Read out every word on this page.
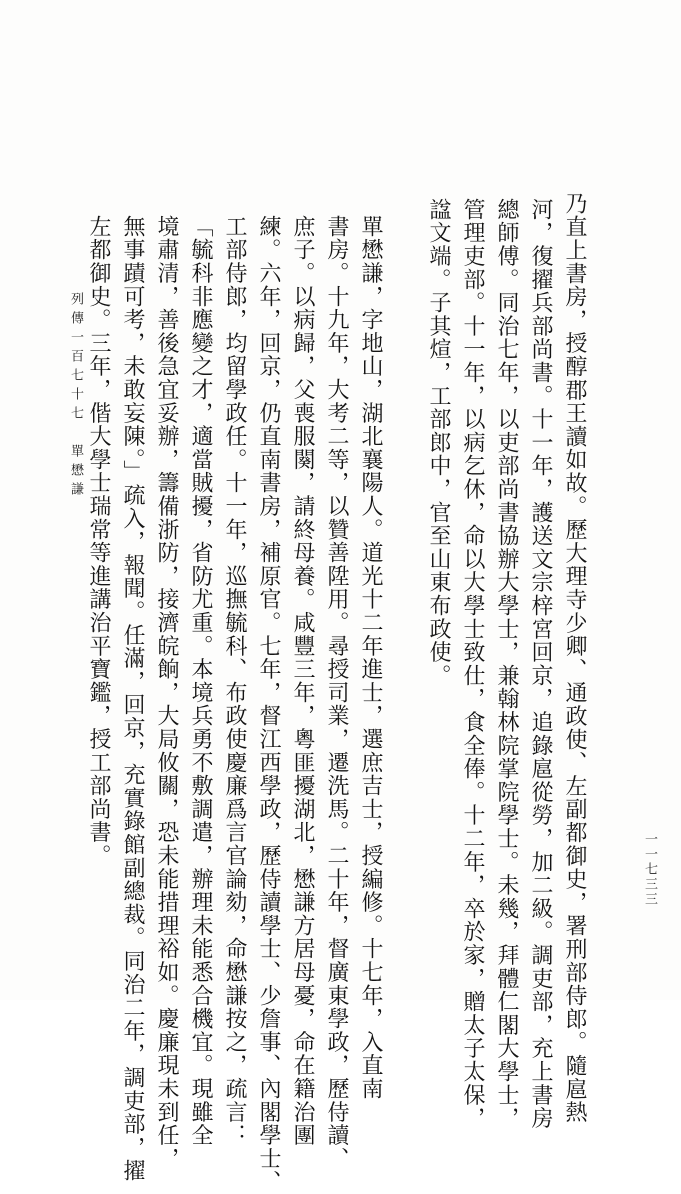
列傳一百七十七　單懋謙	乃直上書房，授醇郡王讀如故。歷大理寺少卿、通政使、左副都御史，署刑部侍郎。隨扈熱
河，復擢兵部尚書。十一年，護送文宗梓宮回京，追錄扈從勞，加二級。調吏部，充上書房
總師傅。同治七年，以吏部尚書協辦大學士，兼翰林院掌院學士。未幾，拜體仁閣大學士，
管理吏部。十一年，以病乞休，命以大學士致仕，食全俸。十二年，卒於家，贈太子太保，
諡文端。子其煊，工部郎中，官至山東布政使。
單懋謙，字地山，湖北襄陽人。道光十二年進士，選庶吉士，授編修。十七年，入直南
書房。十九年，大考二等，以贊善陞用。尋授司業，遷洗馬。二十年，督廣東學政，歷侍讀、
庶子。以病歸，父喪服闋，請終母養。咸豐三年，粵匪擾湖北，懋謙方居母憂，命在籍治團
練。六年，回京，仍直南書房，補原官。七年，督江西學政，歷侍讀學士、少詹事、內閣學士、
工部侍郎，均留學政任。十一年，巡撫毓科、布政使慶廉爲言官論劾，命懋謙按之，疏言：
「毓科非應變之才，適當賊擾，省防尤重。本境兵勇不敷調遣，辦理未能悉合機宜。現雖全
境肅清，善後急宜妥辦，籌備浙防，接濟皖餉，大局攸關，恐未能措理裕如。慶廉現未到任，
無事蹟可考，未敢妄陳。」疏入，報聞。任滿，回京，充實錄館副總裁。同治二年，調吏部，擢
左都御史。三年，偕大學士瑞常等進講治平寶鑑，授工部尚書。
一一七三三
